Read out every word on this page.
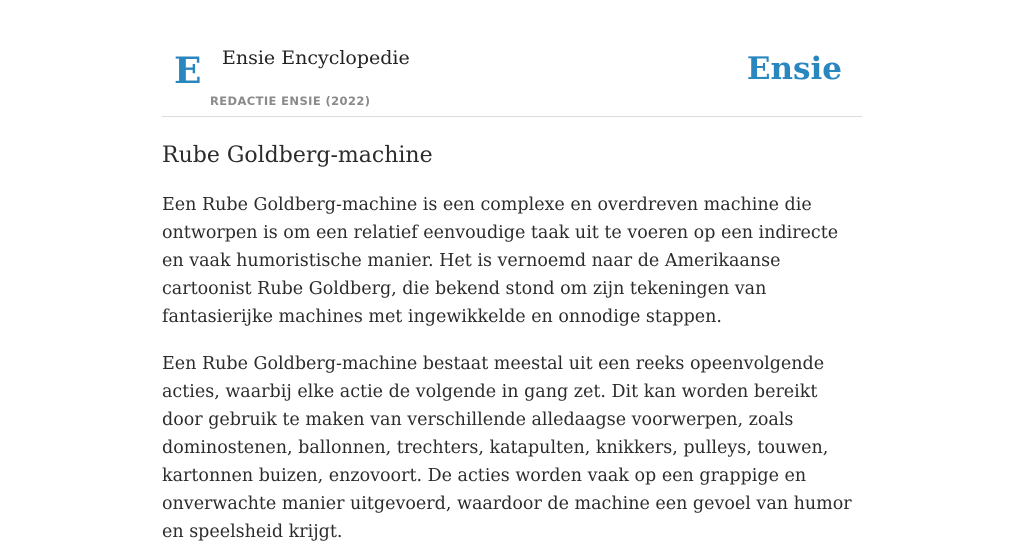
E Ensie Encyclopedie
REDACTIE ENSIE (2022)
Ensie
Rube Goldberg-machine

Een Rube Goldberg-machine is een complexe en overdreven machine die ontworpen is om een relatief eenvoudige taak uit te voeren op een indirecte en vaak humoristische manier. Het is vernoemd naar de Amerikaanse cartoonist Rube Goldberg, die bekend stond om zijn tekeningen van fantasierijke machines met ingewikkelde en onnodige stappen.

Een Rube Goldberg-machine bestaat meestal uit een reeks opeenvolgende acties, waarbij elke actie de volgende in gang zet. Dit kan worden bereikt door gebruik te maken van verschillende alledaagse voorwerpen, zoals dominostenen, ballonnen, trechters, katapulten, knikkers, pulleys, touwen, kartonnen buizen, enzovoort. De acties worden vaak op een grappige en onverwachte manier uitgevoerd, waardoor de machine een gevoel van humor en speelsheid krijgt.
